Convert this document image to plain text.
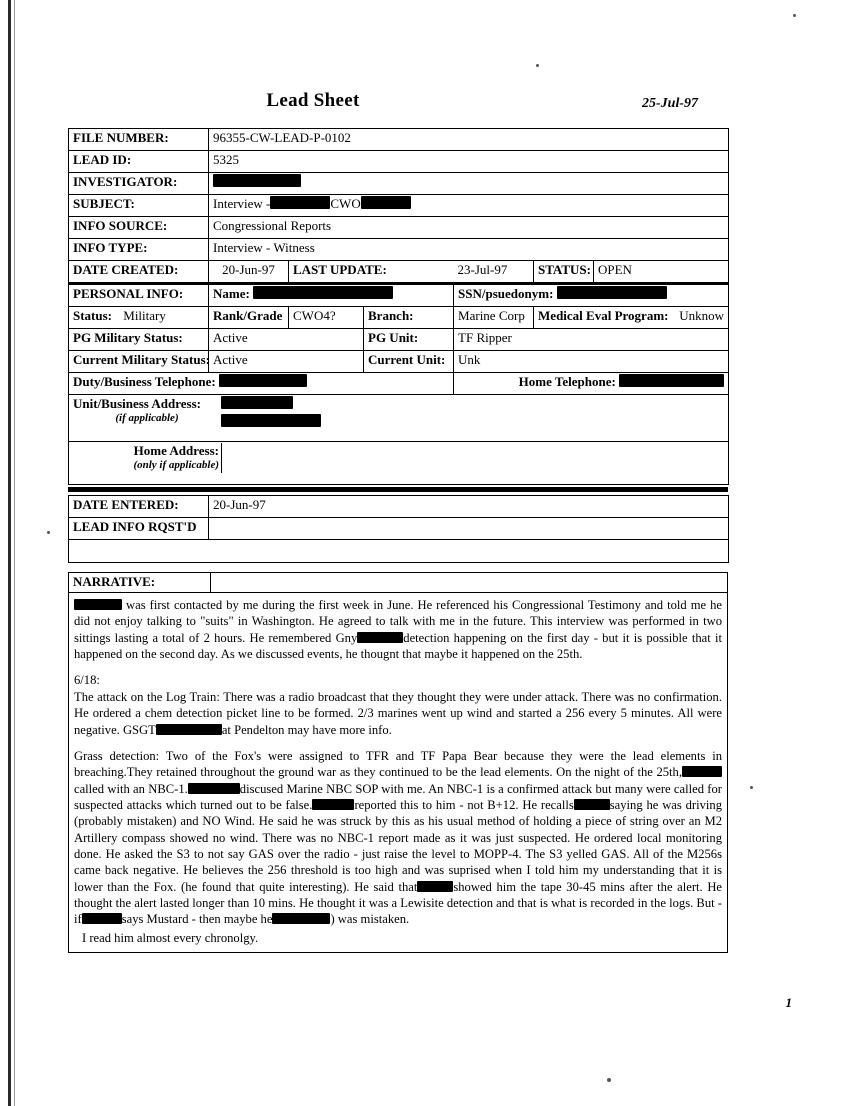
Lead Sheet	25-Jul-97
FILE NUMBER:	96355-CW-LEAD-P-0102				
LEAD ID:	5325				
INVESTIGATOR:					
SUBJECT:	Interview - CWO				
INFO SOURCE:	Congressional Reports				
INFO TYPE:	Interview - Witness				
DATE CREATED:	20-Jun-97	LAST UPDATE:	23-Jul-97	STATUS:	OPEN
PERSONAL INFO:	Name:			SSN/psuedonym:		
Status: Military	Rank/Grade	CWO4?	Branch:	Marine Corp	Medical Eval Program:	Unknow
PG Military Status:	Active		PG Unit:	TF Ripper		
Current Military Status:	Active		Current Unit:	Unk		
Duty/Business Telephone:				Home Telephone:		

Unit/Business Address:
(if applicable)						

Home Address:
(only if applicable)						
DATE ENTERED:	20-Jun-97
LEAD INFO RQST'D	

NARRATIVE:

was first contacted by me during the first week in June. He referenced his Congressional Testimony and told me he did not enjoy talking to "suits" in Washington. He agreed to talk with me in the future. This interview was performed in two sittings lasting a total of 2 hours. He remembered Gny	detection happening on the first day - but it is possible that it happened on the second day. As we discussed events, he thougnt that maybe it happened on the 25th.

6/18:
The attack on the Log Train: There was a radio broadcast that they thought they were under attack. There was no confirmation. He ordered a chem detection picket line to be formed. 2/3 marines went up wind and started a 256 every 5 minutes. All were negative. GSGT	at Pendelton may have more info.

Grass detection: Two of the Fox's were assigned to TFR and TF Papa Bear because they were the lead elements in breaching.They retained throughout the ground war as they continued to be the lead elements. On the night of the 25th,called with an NBC-1.	discused Marine NBC SOP with me. An NBC-1 is a confirmed attack but many were called for suspected attacks which turned out to be false.	reported this to him - not B+12. He recalls	saying he was driving (probably mistaken) and NO Wind. He said he was struck by this as his usual method of holding a piece of string over an M2 Artillery compass showed no wind. There was no NBC-1 report made as it was just suspected. He ordered local monitoring done. He asked the S3 to not say GAS over the radio - just raise the level to MOPP-4. The S3 yelled GAS. All of the M256s came back negative. He believes the 256 threshold is too high and was suprised when I told him my understanding that it is lower than the Fox. (he found that quite interesting). He said that	showed him the tape 30-45 mins after the alert. He thought the alert lasted longer than 10 mins. He thought it was a Lewisite detection and that is what is recorded in the logs. But - if	says Mustard - then maybe he	) was mistaken.

I read him almost every chronolgy.

1
